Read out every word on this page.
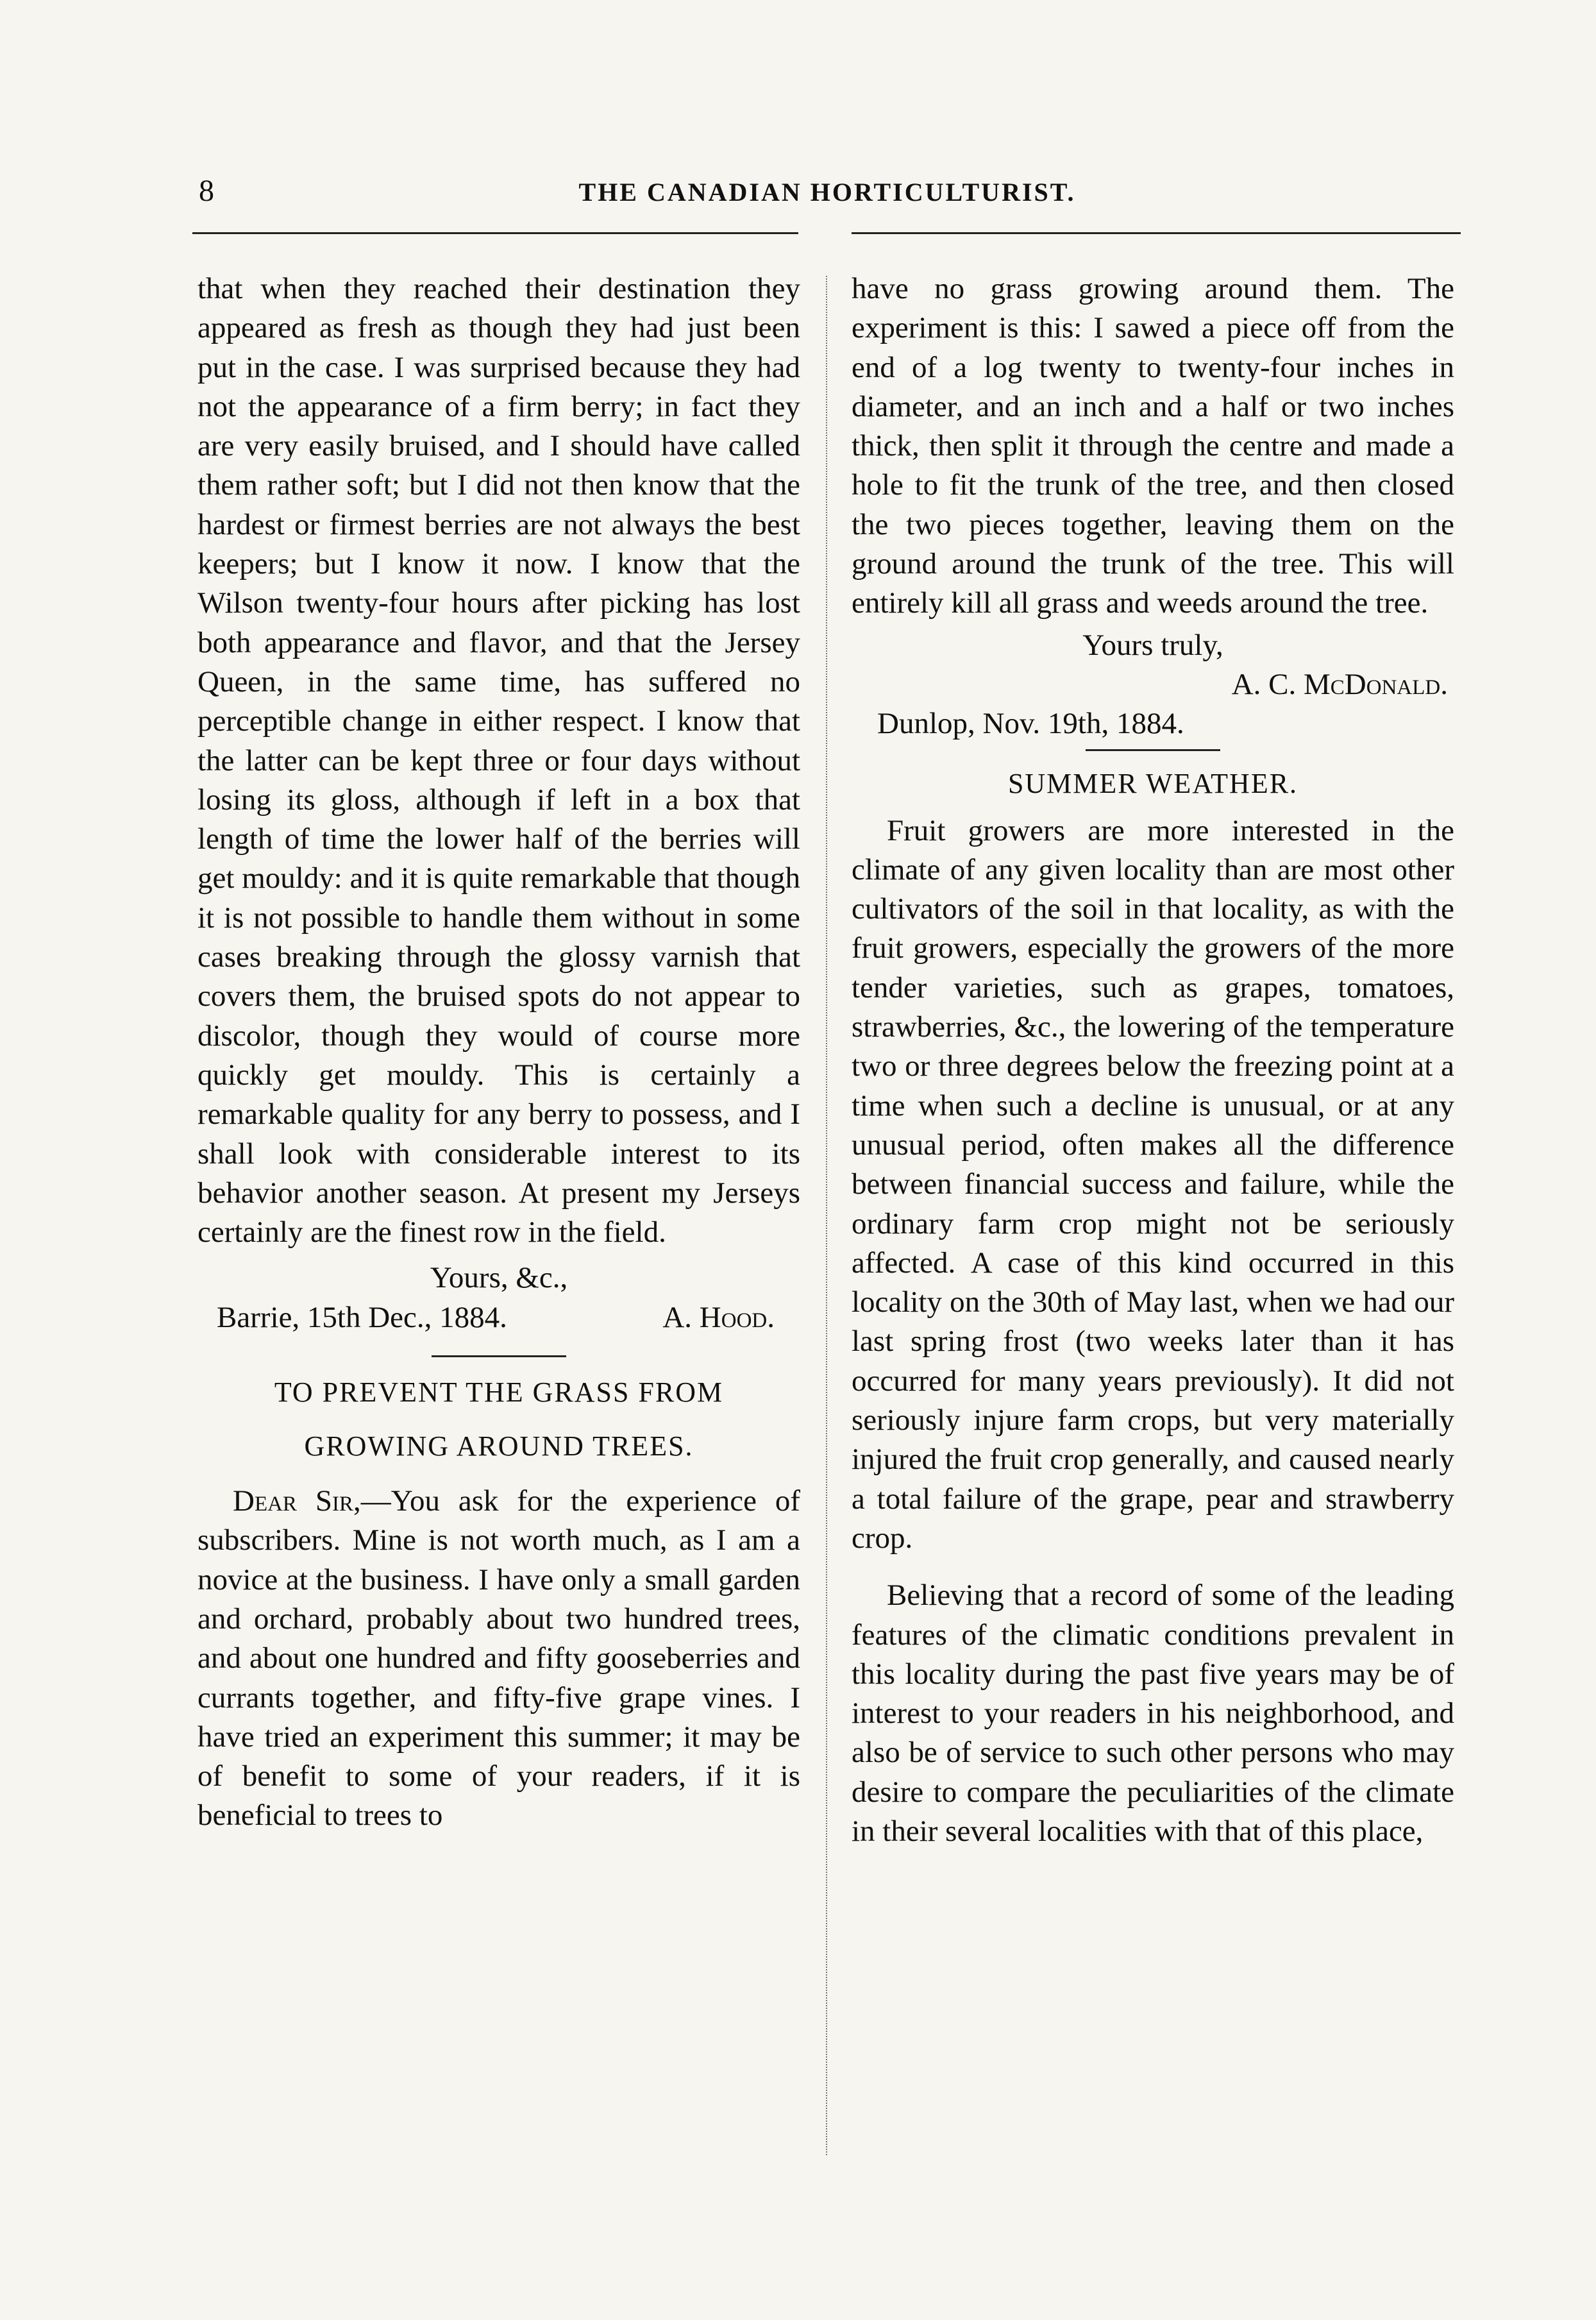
8	THE CANADIAN HORTICULTURIST.

that when they reached their destination they appeared as fresh as though they had just been put in the case. I was surprised because they had not the appearance of a firm berry; in fact they are very easily bruised, and I should have called them rather soft; but I did not then know that the hardest or firmest berries are not always the best keepers; but I know it now. I know that the Wilson twenty-four hours after picking has lost both appearance and flavor, and that the Jersey Queen, in the same time, has suffered no perceptible change in either respect. I know that the latter can be kept three or four days without losing its gloss, although if left in a box that length of time the lower half of the berries will get mouldy: and it is quite remarkable that though it is not possible to handle them without in some cases breaking through the glossy varnish that covers them, the bruised spots do not appear to discolor, though they would of course more quickly get mouldy. This is certainly a remarkable quality for any berry to possess, and I shall look with considerable interest to its behavior another season. At present my Jerseys certainly are the finest row in the field.

Yours, &c.,

Barrie, 15th Dec., 1884.	A. Hood.

TO PREVENT THE GRASS FROM

GROWING AROUND TREES.

Dear Sir,—You ask for the experience of subscribers. Mine is not worth much, as I am a novice at the business. I have only a small garden and orchard, probably about two hundred trees, and about one hundred and fifty gooseberries and currants together, and fifty-five grape vines. I have tried an experiment this summer; it may be of benefit to some of your readers, if it is beneficial to trees to

have no grass growing around them. The experiment is this: I sawed a piece off from the end of a log twenty to twenty-four inches in diameter, and an inch and a half or two inches thick, then split it through the centre and made a hole to fit the trunk of the tree, and then closed the two pieces together, leaving them on the ground around the trunk of the tree. This will entirely kill all grass and weeds around the tree.

Yours truly,

A. C. McDonald.

Dunlop, Nov. 19th, 1884.

SUMMER WEATHER.

Fruit growers are more interested in the climate of any given locality than are most other cultivators of the soil in that locality, as with the fruit growers, especially the growers of the more tender varieties, such as grapes, tomatoes, strawberries, &c., the lowering of the temperature two or three degrees below the freezing point at a time when such a decline is unusual, or at any unusual period, often makes all the difference between financial success and failure, while the ordinary farm crop might not be seriously affected. A case of this kind occurred in this locality on the 30th of May last, when we had our last spring frost (two weeks later than it has occurred for many years previously). It did not seriously injure farm crops, but very materially injured the fruit crop generally, and caused nearly a total failure of the grape, pear and strawberry crop.

Believing that a record of some of the leading features of the climatic conditions prevalent in this locality during the past five years may be of interest to your readers in his neighborhood, and also be of service to such other persons who may desire to compare the peculiarities of the climate in their several localities with that of this place,
